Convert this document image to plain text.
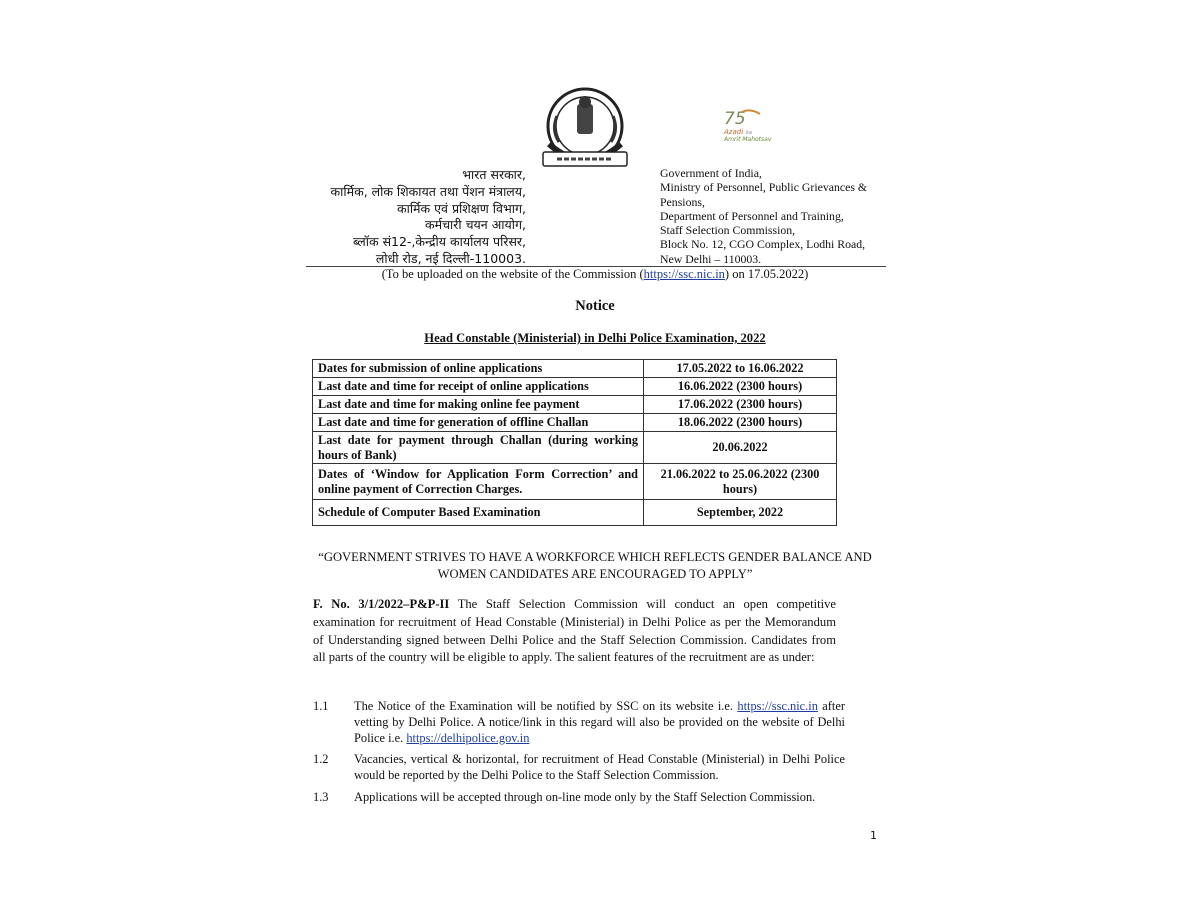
75
Azadi ka
Amrit Mahotsav
भारत सरकार,
कार्मिक, लोक शिकायत तथा पेंशन मंत्रालय,
कार्मिक एवं प्रशिक्षण विभाग,
कर्मचारी चयन आयोग,
ब्लॉक सं12-,केन्द्रीय कार्यालय परिसर,
लोधी रोड, नई दिल्ली-110003.
Government of India,
Ministry of Personnel, Public Grievances &
Pensions,
Department of Personnel and Training,
Staff Selection Commission,
Block No. 12, CGO Complex, Lodhi Road,
New Delhi – 110003.
(To be uploaded on the website of the Commission (https://ssc.nic.in) on 17.05.2022)
Notice
Head Constable (Ministerial) in Delhi Police Examination, 2022
Dates for submission of online applications	17.05.2022 to 16.06.2022
Last date and time for receipt of online applications	16.06.2022 (2300 hours)
Last date and time for making online fee payment	17.06.2022 (2300 hours)
Last date and time for generation of offline Challan	18.06.2022 (2300 hours)
Last date for payment through Challan (during working hours of Bank)	20.06.2022
Dates of ‘Window for Application Form Correction’ and online payment of Correction Charges.	21.06.2022 to 25.06.2022 (2300 hours)
Schedule of Computer Based Examination	September, 2022
“GOVERNMENT STRIVES TO HAVE A WORKFORCE WHICH REFLECTS GENDER BALANCE AND WOMEN CANDIDATES ARE ENCOURAGED TO APPLY”
F. No. 3/1/2022–P&P-II The Staff Selection Commission will conduct an open competitive examination for recruitment of Head Constable (Ministerial) in Delhi Police as per the Memorandum of Understanding signed between Delhi Police and the Staff Selection Commission. Candidates from all parts of the country will be eligible to apply. The salient features of the recruitment are as under:
1.1 The Notice of the Examination will be notified by SSC on its website i.e. https://ssc.nic.in after vetting by Delhi Police. A notice/link in this regard will also be provided on the website of Delhi Police i.e. https://delhipolice.gov.in
1.2 Vacancies, vertical & horizontal, for recruitment of Head Constable (Ministerial) in Delhi Police would be reported by the Delhi Police to the Staff Selection Commission.
1.3 Applications will be accepted through on-line mode only by the Staff Selection Commission.
1
